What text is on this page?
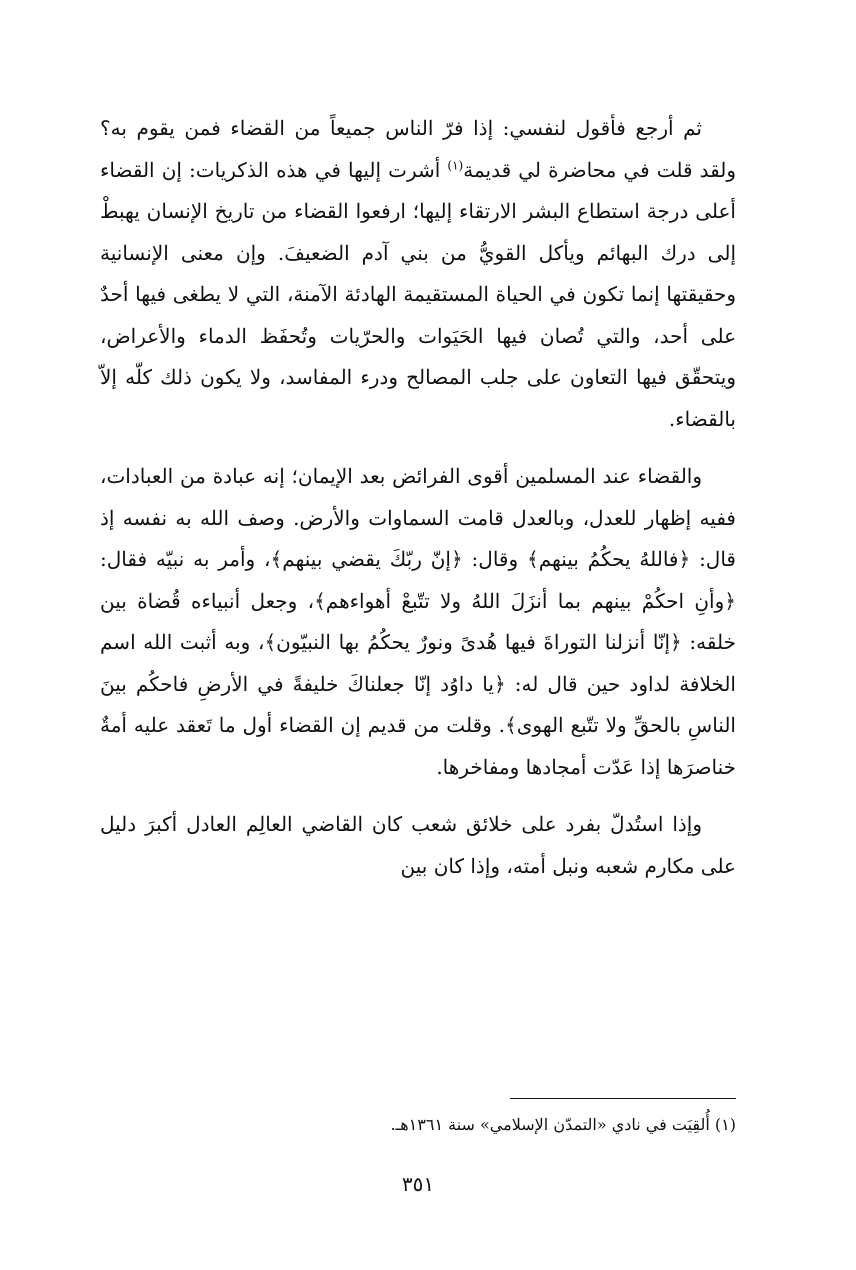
ثم أرجع فأقول لنفسي: إذا فرّ الناس جميعاً من القضاء فمن يقوم به؟ ولقد قلت في محاضرة لي قديمة$^{(١)}$ أشرت إليها في هذه الذكريات: إن القضاء أعلى درجة استطاع البشر الارتقاء إليها؛ ارفعوا القضاء من تاريخ الإنسان يهبطْ إلى درك البهائم ويأكل القويُّ من بني آدم الضعيفَ. وإن معنى الإنسانية وحقيقتها إنما تكون في الحياة المستقيمة الهادئة الآمنة، التي لا يطغى فيها أحدٌ على أحد، والتي تُصان فيها الحَيَوات والحرّيات وتُحفَظ الدماء والأعراض، ويتحقّق فيها التعاون على جلب المصالح ودرء المفاسد، ولا يكون ذلك كلّه إلاّ بالقضاء.

والقضاء عند المسلمين أقوى الفرائض بعد الإيمان؛ إنه عبادة من العبادات، ففيه إظهار للعدل، وبالعدل قامت السماوات والأرض. وصف الله به نفسه إذ قال: ﴿فاللهُ يحكُمُ بينهم﴾ وقال: ﴿إنّ ربّكَ يقضي بينهم﴾، وأمر به نبيّه فقال: ﴿وأنِ احكُمْ بينهم بما أنزَلَ اللهُ ولا تتّبعْ أهواءهم﴾، وجعل أنبياءه قُضاة بين خلقه: ﴿إنّا أنزلنا التوراةَ فيها هُدىً ونورٌ يحكُمُ بها النبيّون﴾، وبه أثبت الله اسم الخلافة لداود حين قال له: ﴿يا داوُد إنّا جعلناكَ خليفةً في الأرضِ فاحكُم بينَ الناسِ بالحقِّ ولا تتّبع الهوى﴾. وقلت من قديم إن القضاء أول ما تَعقد عليه أمةٌ خناصرَها إذا عَدّت أمجادها ومفاخرها.

وإذا استُدلّ بفرد على خلائق شعب كان القاضي العالِم العادل أكبرَ دليل على مكارم شعبه ونبل أمته، وإذا كان بين

(١) أُلقِيَت في نادي «التمدّن الإسلامي» سنة ١٣٦١هـ.

٣٥١
